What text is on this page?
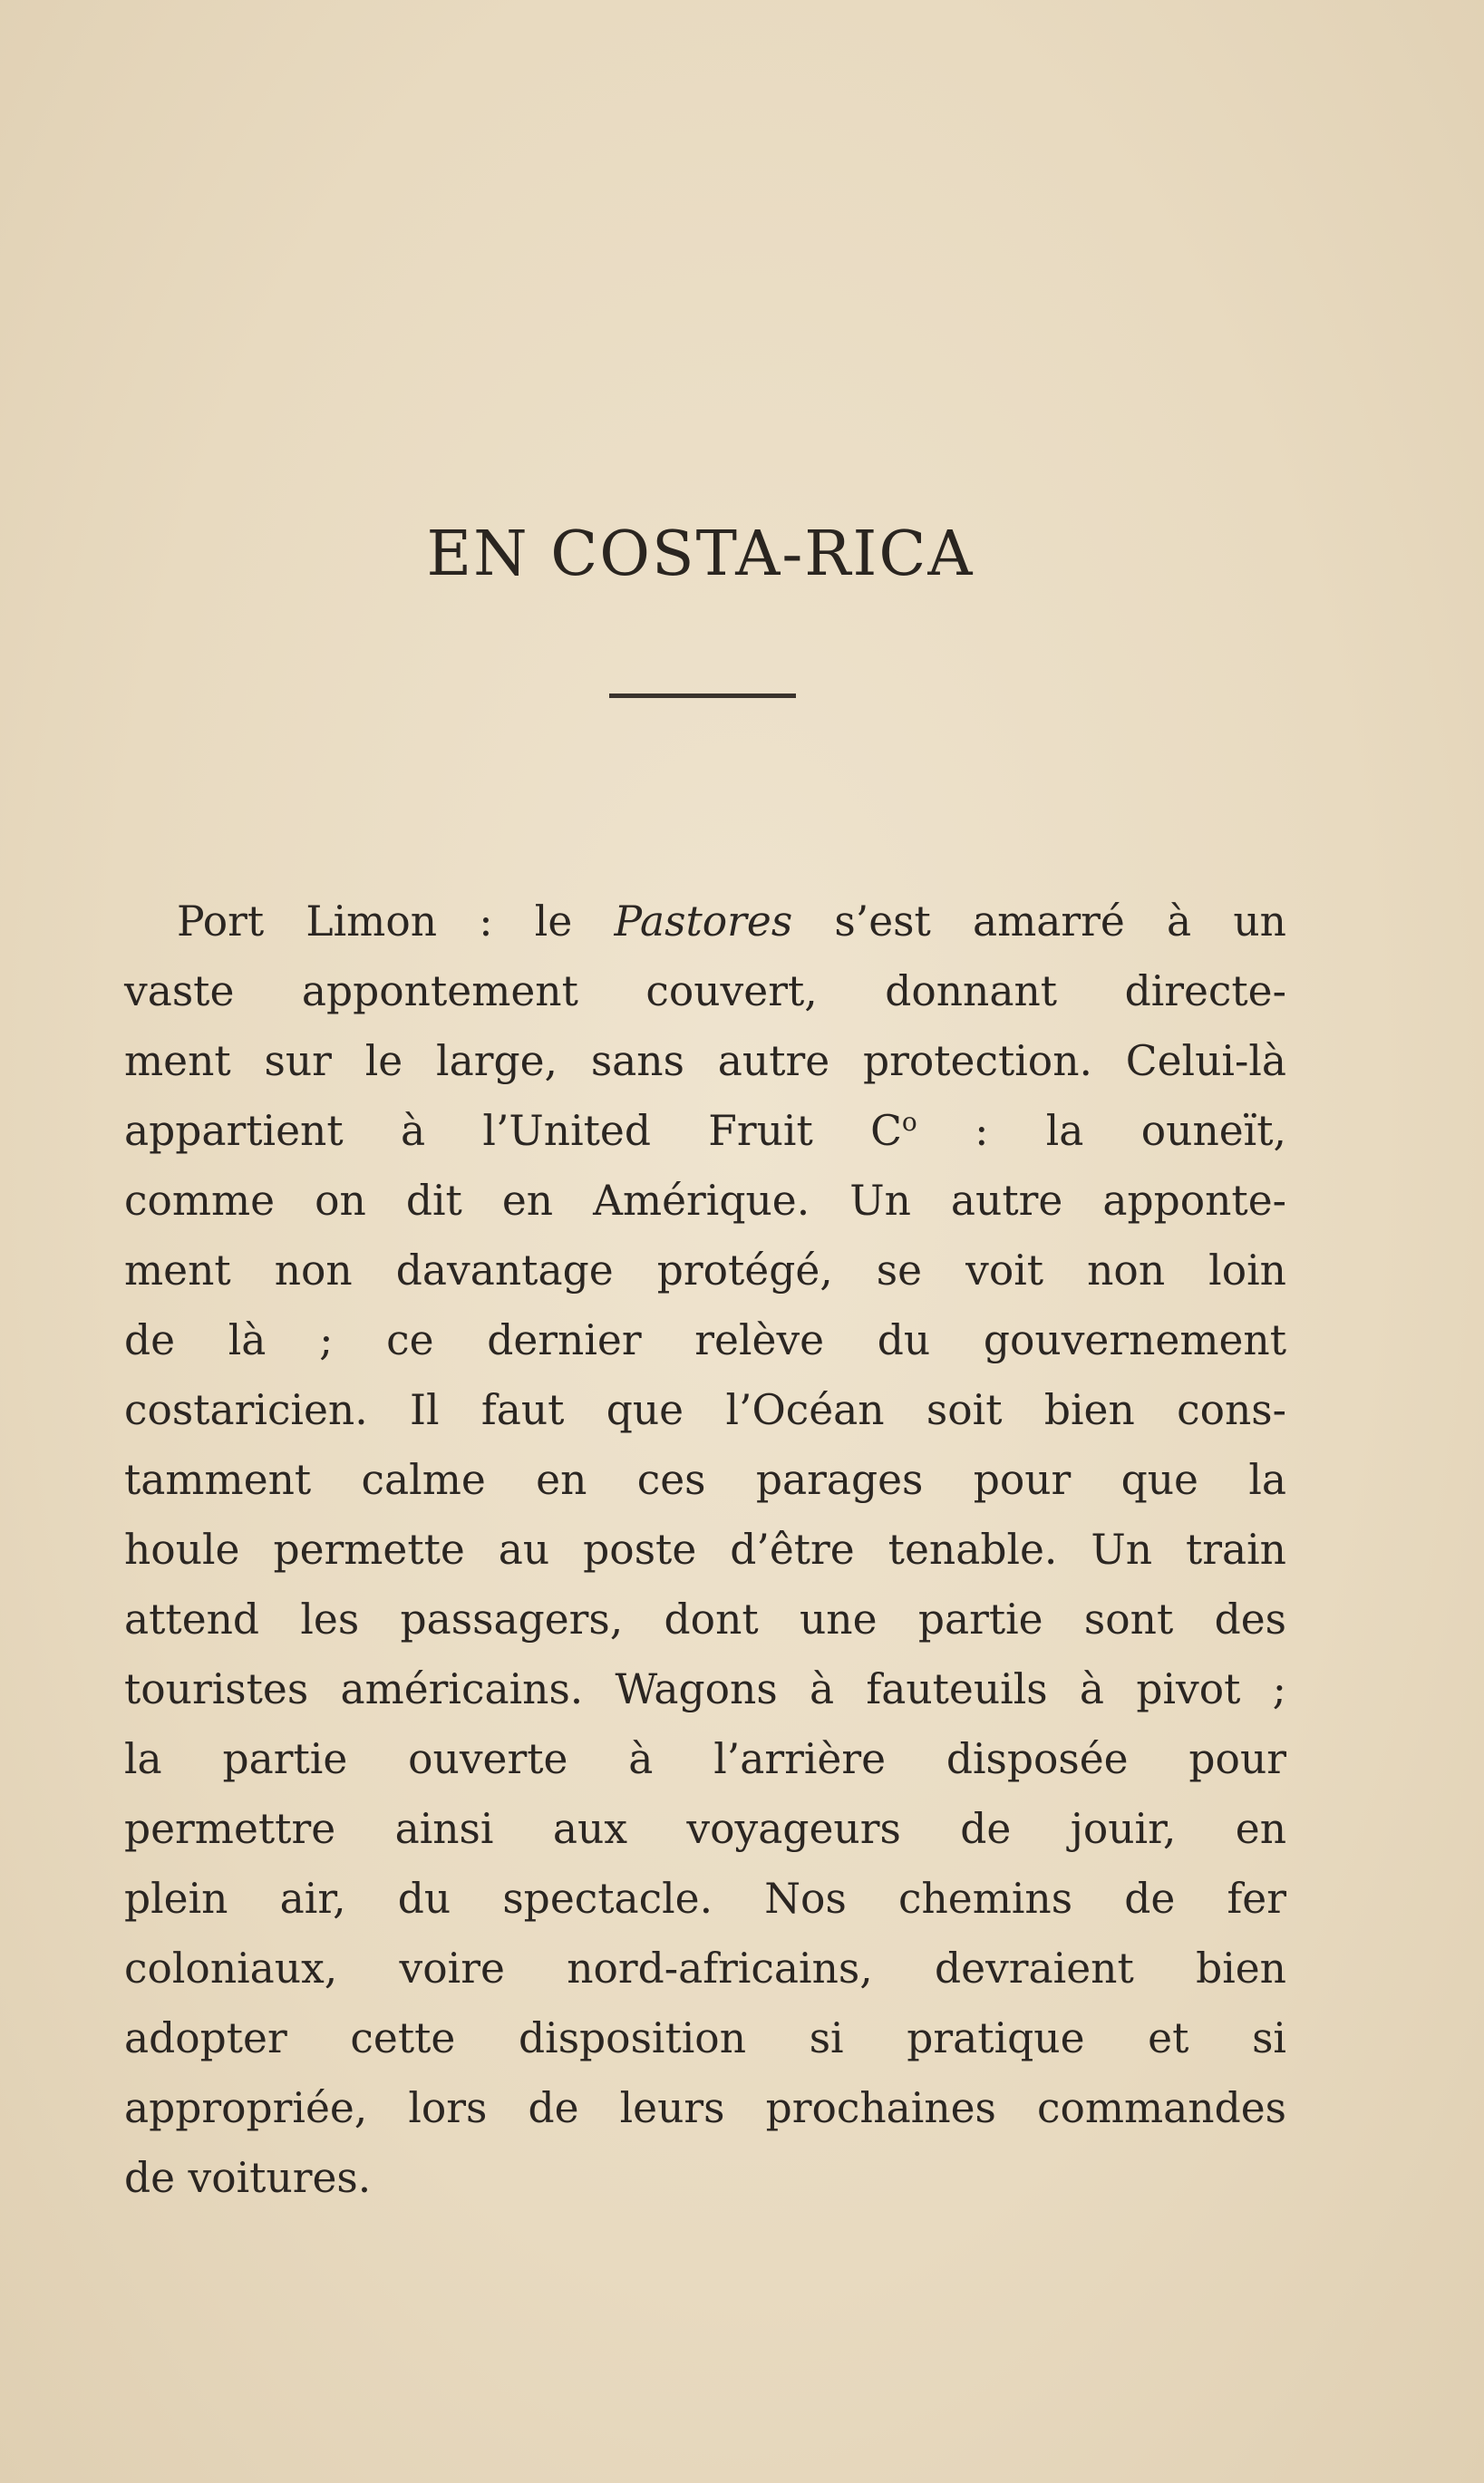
EN COSTA-RICA
Port Limon : le Pastores s’est amarré à un
vaste appontement couvert, donnant directe-
ment sur le large, sans autre protection. Celui-là
appartient à l’United Fruit $C^o$ : la ouneït,
comme on dit en Amérique. Un autre apponte-
ment non davantage protégé, se voit non loin
de là ; ce dernier relève du gouvernement
costaricien. Il faut que l’Océan soit bien cons-
tamment calme en ces parages pour que la
houle permette au poste d’être tenable. Un train
attend les passagers, dont une partie sont des
touristes américains. Wagons à fauteuils à pivot ;
la partie ouverte à l’arrière disposée pour
permettre ainsi aux voyageurs de jouir, en
plein air, du spectacle. Nos chemins de fer
coloniaux, voire nord-africains, devraient bien
adopter cette disposition si pratique et si
appropriée, lors de leurs prochaines commandes
de voitures.
